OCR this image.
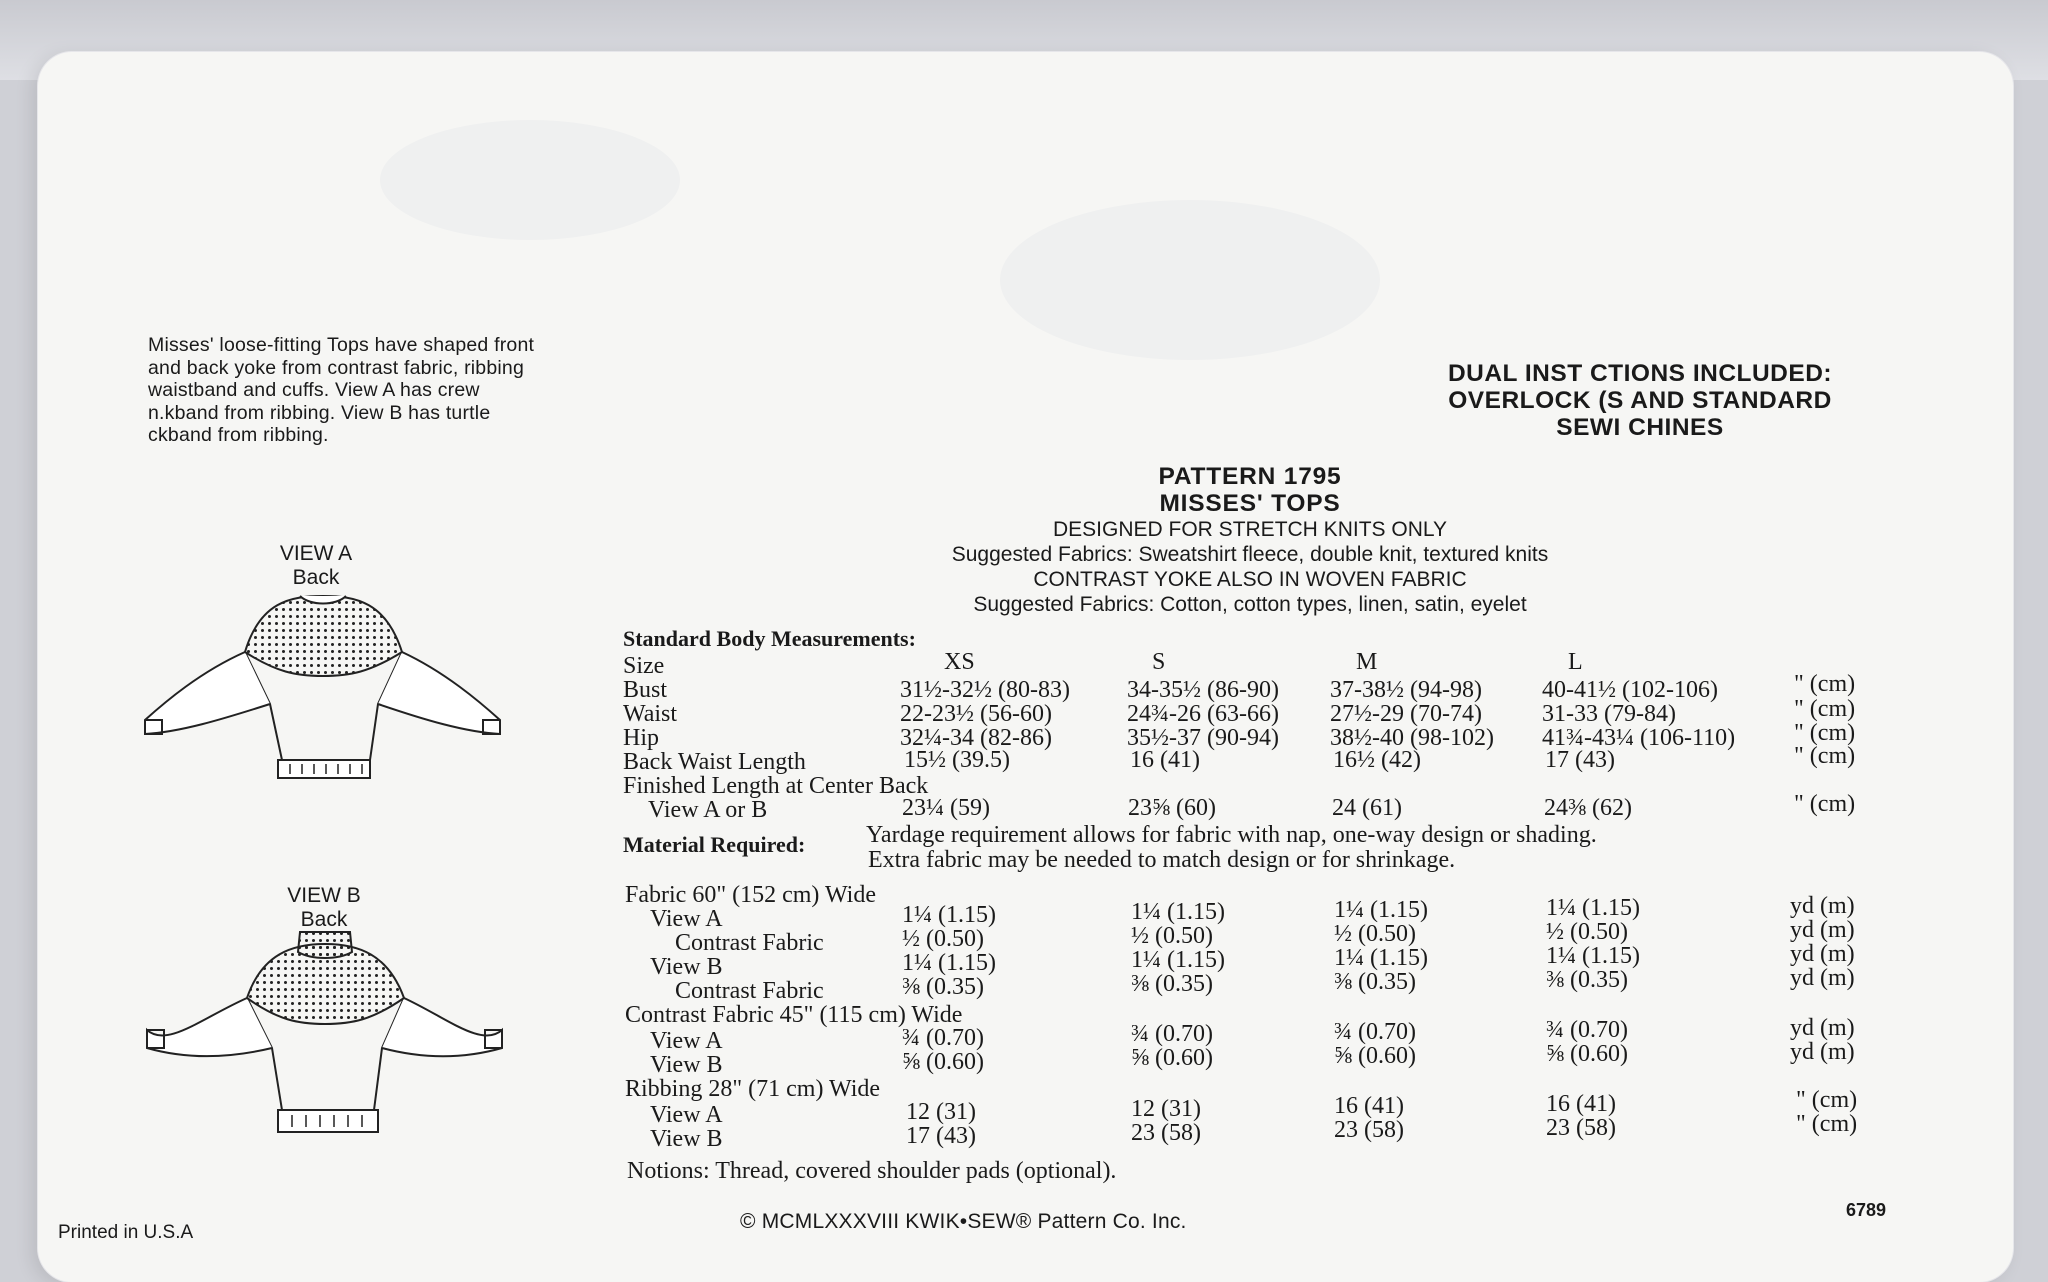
Misses' loose-fitting Tops have shaped front
and back yoke from contrast fabric, ribbing
waistband and cuffs. View A has crew
n.kband from ribbing. View B has turtle
ckband from ribbing.
VIEW A
Back
VIEW B
Back
DUAL INST CTIONS INCLUDED:
OVERLOCK (S AND STANDARD
SEWI CHINES
PATTERN 1795
MISSES' TOPS
DESIGNED FOR STRETCH KNITS ONLY
Suggested Fabrics: Sweatshirt fleece, double knit, textured knits
CONTRAST YOKE ALSO IN WOVEN FABRIC
Suggested Fabrics: Cotton, cotton types, linen, satin, eyelet
Standard Body Measurements:
XS	S	M	L
Size
Bust	31½-32½ (80-83) 34-35½ (86-90) 37-38½ (94-98)	40-41½ (102-106)	" (cm)
Waist	22-23½ (56-60)	24¾-26 (63-66) 27½-29 (70-74)	31-33 (79-84)	" (cm)
Hip	32¼-34 (82-86)	35½-37 (90-94) 38½-40 (98-102) 41¾-43¼ (106-110) " (cm)
Back Waist Length	15½ (39.5)	16 (41)	16½ (42)	17 (43)	" (cm)
Finished Length at Center Back
View A or B	23¼ (59)	23⅝ (60)	24 (61)	24⅜ (62)	" (cm)
Material Required:	Yardage requirement allows for fabric with nap, one-way design or shading.
Extra fabric may be needed to match design or for shrinkage.
Fabric 60" (152 cm) Wide
View A	1¼ (1.15)	1¼ (1.15)	1¼ (1.15)	1¼ (1.15)	yd (m)
Contrast Fabric	½ (0.50)	½ (0.50)	½ (0.50)	½ (0.50)	yd (m)
View B	1¼ (1.15)	1¼ (1.15)	1¼ (1.15)	1¼ (1.15)	yd (m)
Contrast Fabric	⅜ (0.35)	⅜ (0.35)	⅜ (0.35)	⅜ (0.35)	yd (m)
Contrast Fabric 45" (115 cm) Wide
View A	¾ (0.70)	¾ (0.70)	¾ (0.70)	¾ (0.70)	yd (m)
View B	⅝ (0.60)	⅝ (0.60)	⅝ (0.60)	⅝ (0.60)	yd (m)
Ribbing 28" (71 cm) Wide
View A	12 (31)	12 (31)	16 (41)	16 (41)	" (cm)
View B	17 (43)	23 (58)	23 (58)	23 (58)	" (cm)
Notions: Thread, covered shoulder pads (optional).
Printed in U.S.A	© MCMLXXXVIII KWIK•SEW® Pattern Co. Inc.	6789
